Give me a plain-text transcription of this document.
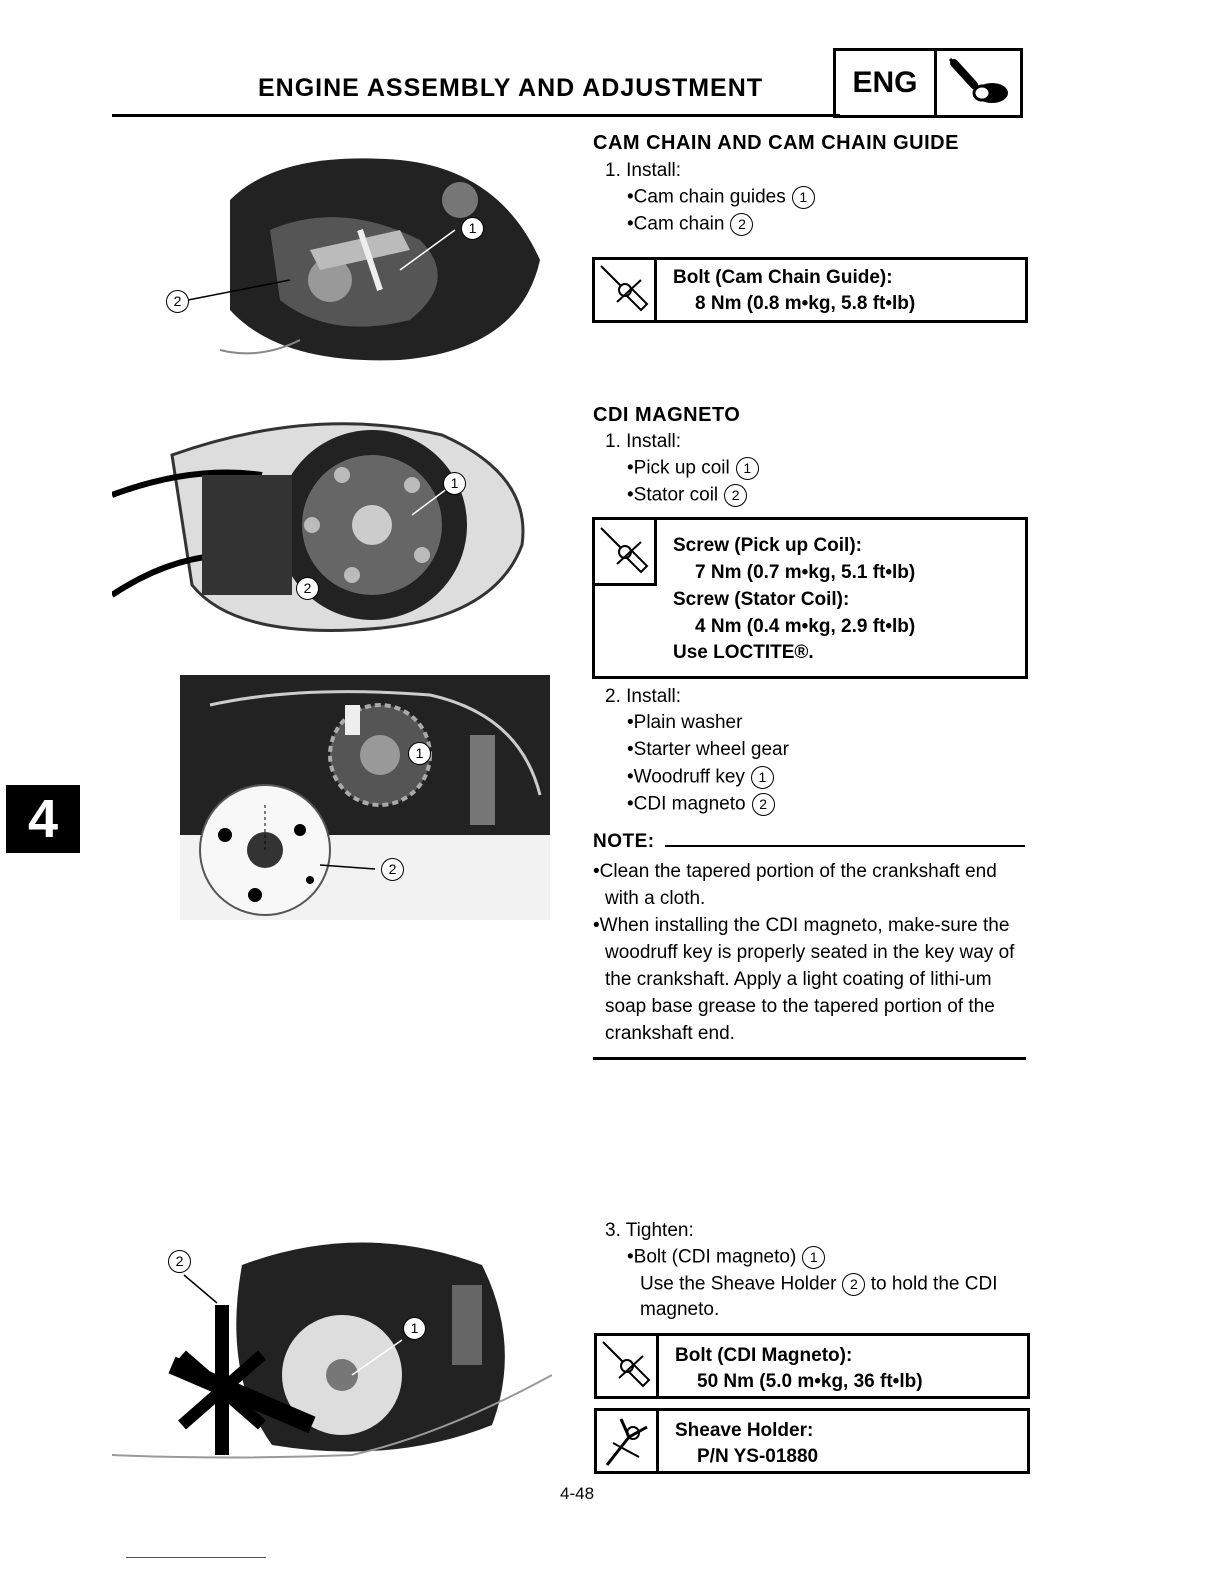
ENGINE ASSEMBLY AND ADJUSTMENT	ENG
4
2
1
CAM CHAIN AND CAM CHAIN GUIDE
1. Install:
•Cam chain guides 1
•Cam chain 2
Bolt (Cam Chain Guide):
8 Nm (0.8 m•kg, 5.8 ft•lb)
1
2
1
2
CDI MAGNETO
1. Install:
•Pick up coil 1
•Stator coil 2
Screw (Pick up Coil):
7 Nm (0.7 m•kg, 5.1 ft•lb)
Screw (Stator Coil):
4 Nm (0.4 m•kg, 2.9 ft•lb)
Use LOCTITE®.
2. Install:
•Plain washer
•Starter wheel gear
•Woodruff key 1
•CDI magneto 2
NOTE:
•Clean the tapered portion of the crankshaft end with a cloth.
•When installing the CDI magneto, make-sure the woodruff key is properly seated in the key way of the crankshaft. Apply a light coating of lithi-um soap base grease to the tapered portion of the crankshaft end.
2
1
3. Tighten:
•Bolt (CDI magneto) 1
Use the Sheave Holder 2 to hold the CDI
magneto.
Bolt (CDI Magneto):
50 Nm (5.0 m•kg, 36 ft•lb)
Sheave Holder:
P/N YS-01880
4-48
